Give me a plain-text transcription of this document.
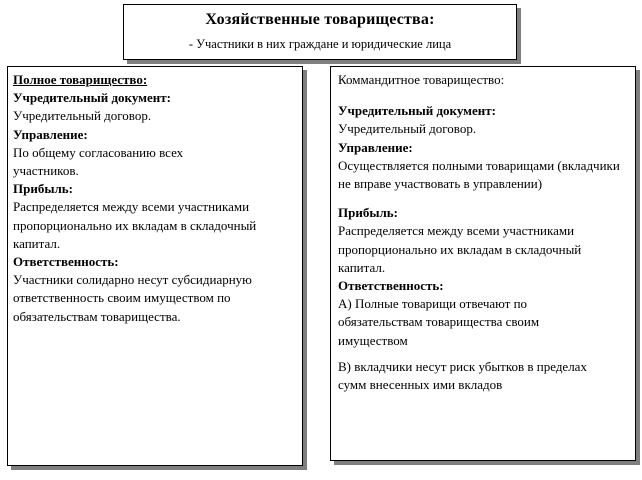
Хозяйственные товарищества:
- Участники в них граждане и юридические лица

Полное товарищество:

Учредительный документ:

Учредительный договор.

Управление:

По общему согласованию всех участников.

Прибыль:

Распределяется между всеми участниками пропорционально их вкладам в складочный капитал.

Ответственность:

Участники солидарно несут субсидиарную ответственность своим имуществом по обязательствам товарищества.

Коммандитное товарищество:

Учредительный документ:

Учредительный договор.

Управление:

Осуществляется полными товарищами (вкладчики не вправе участвовать в управлении)

Прибыль:

Распределяется между всеми участниками пропорционально их вкладам в складочный капитал.

Ответственность:

А) Полные товарищи отвечают по обязательствам товарищества своим имуществом

В) вкладчики несут риск убытков в пределах сумм внесенных ими вкладов
